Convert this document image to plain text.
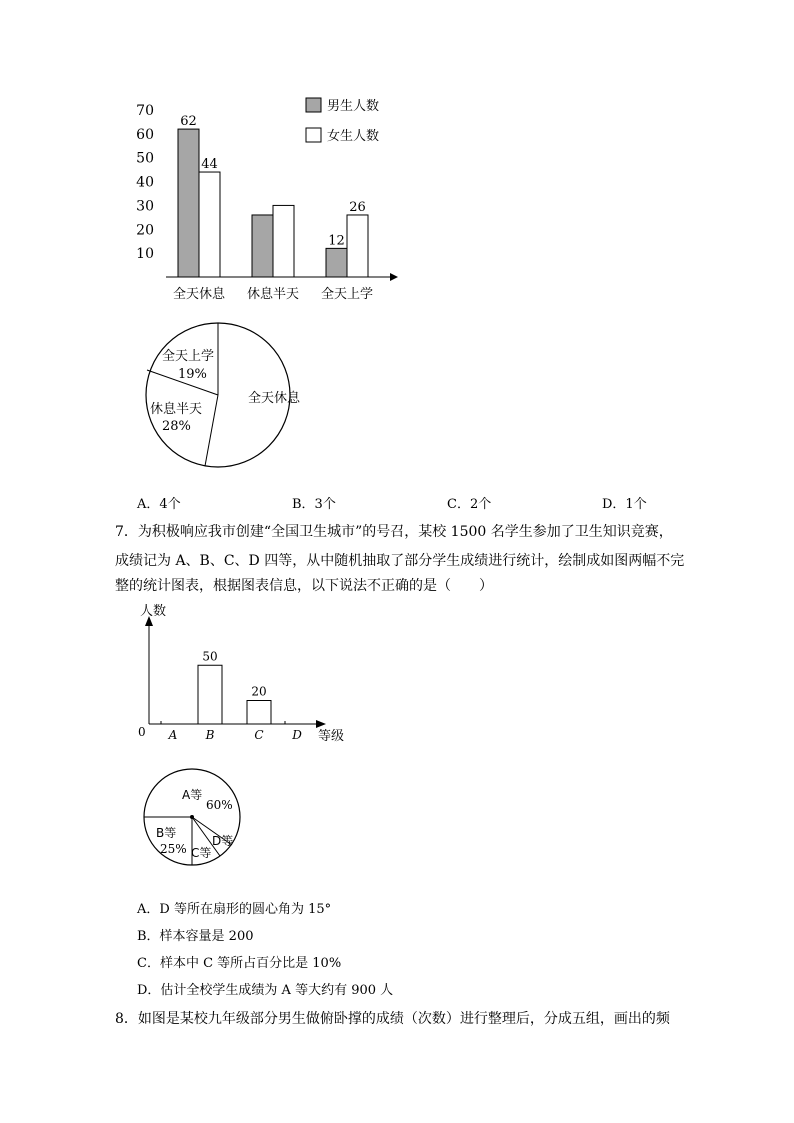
10
20
30
40
50
60
70
62
44
12
26
男生人数
女生人数
全天休息 休息半天 全天上学
全天休息
休息半天
28%
全天上学
19%
A．4个	B．3个	C．2个	D．1个
7．为积极响应我市创建“全国卫生城市”的号召，某校 1500 名学生参加了卫生知识竞赛，
成绩记为 A、B、C、D 四等，从中随机抽取了部分学生成绩进行统计，绘制成如图两幅不完
整的统计图表，根据图表信息，以下说法不正确的是（　　）
50
20
人数
等级
0 A B	C D
A等
60%
B等
25% C等
D等
A．D 等所在扇形的圆心角为 15°
B．样本容量是 200
C．样本中 C 等所占百分比是 10%
D．估计全校学生成绩为 A 等大约有 900 人
8．如图是某校九年级部分男生做俯卧撑的成绩（次数）进行整理后，分成五组，画出的频
